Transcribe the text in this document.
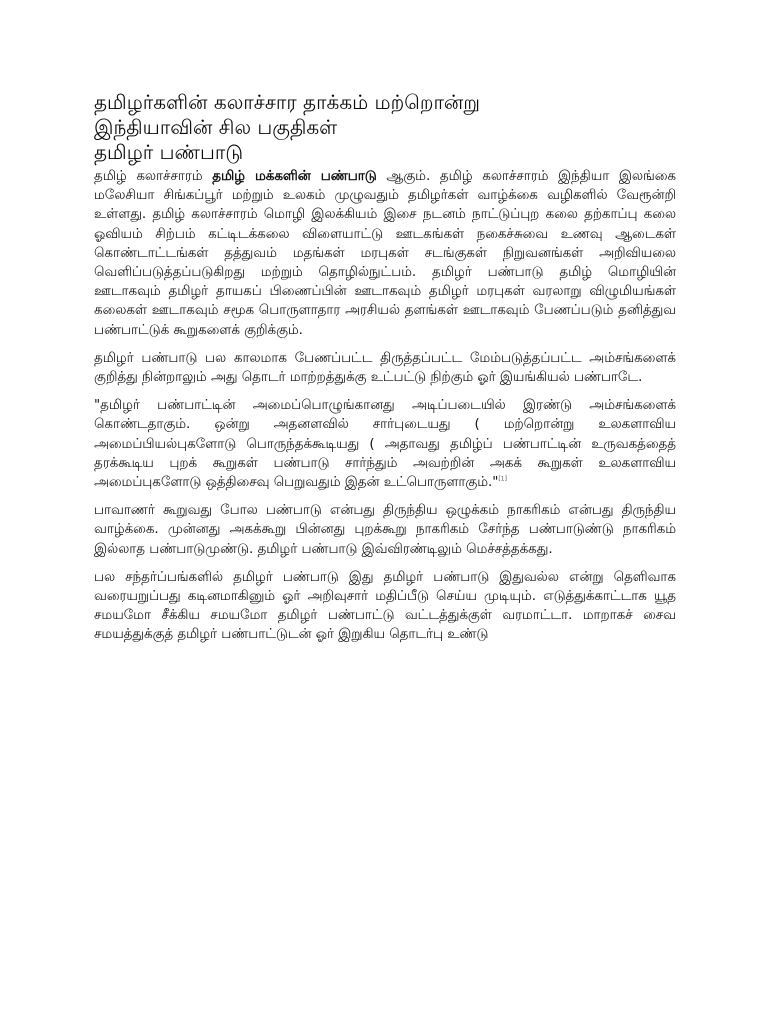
தமிழர்களின் கலாச்சார தாக்கம் மற்றொன்று
இந்தியாவின் சில பகுதிகள்
தமிழர் பண்பாடு

தமிழ் கலாச்சாரம் தமிழ் மக்களின் பண்பாடு ஆகும். தமிழ் கலாச்சாரம் இந்தியா இலங்கை மலேசியா சிங்கப்பூர் மற்றும் உலகம் முழுவதும் தமிழர்கள் வாழ்க்கை வழிகளில் வேரூன்றி உள்ளது. தமிழ் கலாச்சாரம் மொழி இலக்கியம் இசை நடனம் நாட்டுப்புற கலை தற்காப்பு கலை ஓவியம் சிற்பம் கட்டிடக்கலை விளையாட்டு ஊடகங்கள் நகைச்சுவை உணவு ஆடைகள் கொண்டாட்டங்கள் தத்துவம் மதங்கள் மரபுகள் சடங்குகள் நிறுவனங்கள் அறிவியலை வெளிப்படுத்தப்படுகிறது மற்றும் தொழில்நுட்பம். தமிழர் பண்பாடு தமிழ் மொழியின் ஊடாகவும் தமிழர் தாயகப் பிணைப்பின் ஊடாகவும் தமிழர் மரபுகள் வரலாறு விழுமியங்கள் கலைகள் ஊடாகவும் சமூக பொருளாதார அரசியல் தளங்கள் ஊடாகவும் பேணப்படும் தனித்துவ பண்பாட்டுக் கூறுகளைக் குறிக்கும்.

தமிழர் பண்பாடு பல காலமாக பேணப்பட்ட திருத்தப்பட்ட மேம்படுத்தப்பட்ட அம்சங்களைக் குறித்து நின்றாலும் அது தொடர் மாற்றத்துக்கு உட்பட்டு நிற்கும் ஓர் இயங்கியல் பண்பாடே.

"தமிழர் பண்பாட்டின் அமைப்பொழுங்கானது அடிப்படையில் இரண்டு அம்சங்களைக் கொண்டதாகும். ஒன்று அதனளவில் சார்புடையது ( மற்றொன்று உலகளாவிய அமைப்பியல்புகளோடு பொருந்தக்கூடியது ( அதாவது தமிழ்ப் பண்பாட்டின் உருவகத்தைத் தரக்கூடிய புறக் கூறுகள் பண்பாடு சார்ந்தும் அவற்றின் அகக் கூறுகள் உலகளாவிய அமைப்புகளோடு ஒத்திசைவு பெறுவதும் இதன் உட்பொருளாகும்."[1]

பாவாணர் கூறுவது போல பண்பாடு என்பது திருந்திய ஒழுக்கம் நாகரிகம் என்பது திருந்திய வாழ்க்கை. முன்னது அகக்கூறு பின்னது புறக்கூறு நாகரிகம் சேர்ந்த பண்பாடுண்டு நாகரிகம் இல்லாத பண்பாடுமுண்டு. தமிழர் பண்பாடு இவ்விரண்டிலும் மெச்சத்தக்கது.

பல சந்தர்ப்பங்களில் தமிழர் பண்பாடு இது தமிழர் பண்பாடு இதுவல்ல என்று தெளிவாக வரையறுப்பது கடினமாகினும் ஓர் அறிவுசார் மதிப்பீடு செய்ய முடியும். எடுத்துக்காட்டாக யூத சமயமோ சீக்கிய சமயமோ தமிழர் பண்பாட்டு வட்டத்துக்குள் வரமாட்டா. மாறாகச் சைவ சமயத்துக்குத் தமிழர் பண்பாட்டுடன் ஓர் இறுகிய தொடர்பு உண்டு
